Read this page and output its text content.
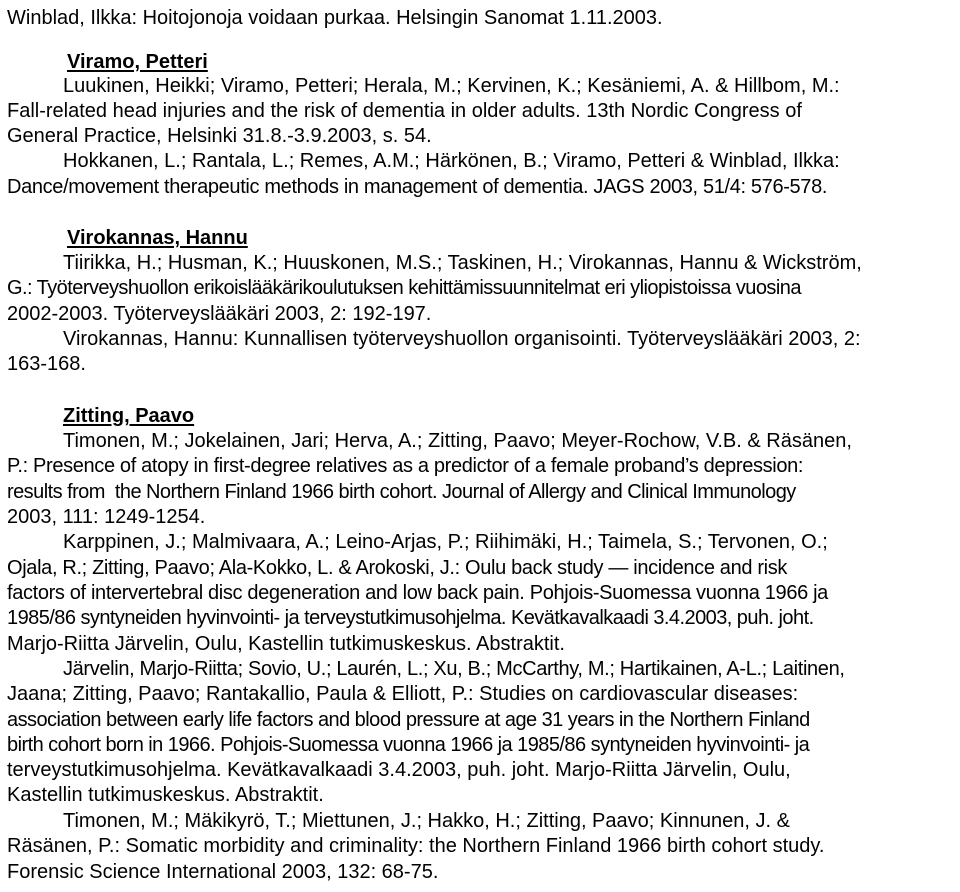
Winblad, Ilkka: Hoitojonoja voidaan purkaa. Helsingin Sanomat 1.11.2003.
Viramo, Petteri
Luukinen, Heikki; Viramo, Petteri; Herala, M.; Kervinen, K.; Kesäniemi, A. & Hillbom, M.:
Fall-related head injuries and the risk of dementia in older adults. 13th Nordic Congress of
General Practice, Helsinki 31.8.-3.9.2003, s. 54.
Hokkanen, L.; Rantala, L.; Remes, A.M.; Härkönen, B.; Viramo, Petteri & Winblad, Ilkka:
Dance/movement therapeutic methods in management of dementia. JAGS 2003, 51/4: 576-578.
Virokannas, Hannu
Tiirikka, H.; Husman, K.; Huuskonen, M.S.; Taskinen, H.; Virokannas, Hannu & Wickström,
G.: Työterveyshuollon erikoislääkärikoulutuksen kehittämissuunnitelmat eri yliopistoissa vuosina
2002-2003. Työterveyslääkäri 2003, 2: 192-197.
Virokannas, Hannu: Kunnallisen työterveyshuollon organisointi. Työterveyslääkäri 2003, 2:
163-168.
Zitting, Paavo
Timonen, M.; Jokelainen, Jari; Herva, A.; Zitting, Paavo; Meyer-Rochow, V.B. & Räsänen,
P.: Presence of atopy in first-degree relatives as a predictor of a female proband’s depression:
results from  the Northern Finland 1966 birth cohort. Journal of Allergy and Clinical Immunology
2003, 111: 1249-1254.
Karppinen, J.; Malmivaara, A.; Leino-Arjas, P.; Riihimäki, H.; Taimela, S.; Tervonen, O.;
Ojala, R.; Zitting, Paavo; Ala-Kokko, L. & Arokoski, J.: Oulu back study — incidence and risk
factors of intervertebral disc degeneration and low back pain. Pohjois-Suomessa vuonna 1966 ja
1985/86 syntyneiden hyvinvointi- ja terveystutkimusohjelma. Kevätkavalkaadi 3.4.2003, puh. joht.
Marjo-Riitta Järvelin, Oulu, Kastellin tutkimuskeskus. Abstraktit.
Järvelin, Marjo-Riitta; Sovio, U.; Laurén, L.; Xu, B.; McCarthy, M.; Hartikainen, A-L.; Laitinen,
Jaana; Zitting, Paavo; Rantakallio, Paula & Elliott, P.: Studies on cardiovascular diseases:
association between early life factors and blood pressure at age 31 years in the Northern Finland
birth cohort born in 1966. Pohjois-Suomessa vuonna 1966 ja 1985/86 syntyneiden hyvinvointi- ja
terveystutkimusohjelma. Kevätkavalkaadi 3.4.2003, puh. joht. Marjo-Riitta Järvelin, Oulu,
Kastellin tutkimuskeskus. Abstraktit.
Timonen, M.; Mäkikyrö, T.; Miettunen, J.; Hakko, H.; Zitting, Paavo; Kinnunen, J. &
Räsänen, P.: Somatic morbidity and criminality: the Northern Finland 1966 birth cohort study.
Forensic Science International 2003, 132: 68-75.
